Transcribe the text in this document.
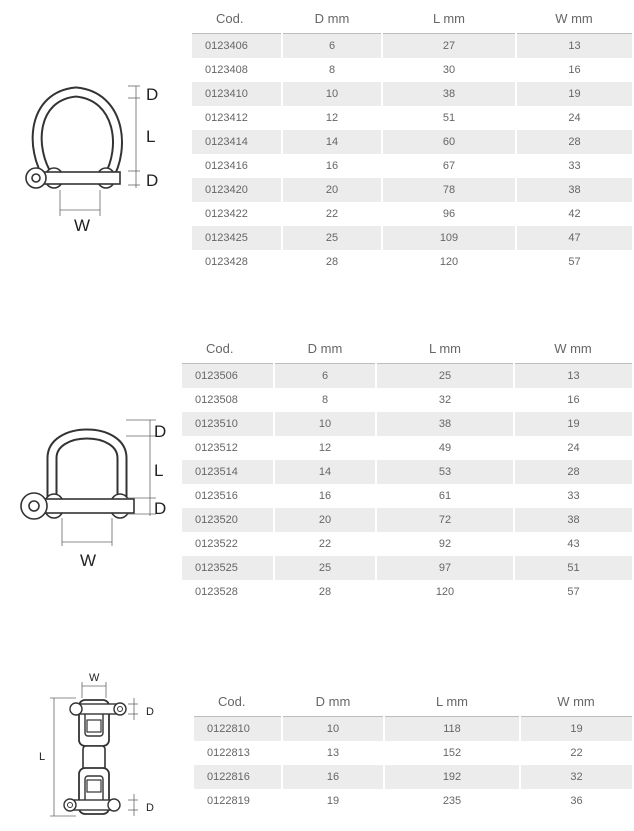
D
L
D
W
Cod.	D mm	L mm	W mm
0123406	6	27	13
0123408	8	30	16
0123410	10	38	19
0123412	12	51	24
0123414	14	60	28
0123416	16	67	33
0123420	20	78	38
0123422	22	96	42
0123425	25	109	47
0123428	28	120	57
D
L
D
W
Cod.	D mm	L mm	W mm
0123506	6	25	13
0123508	8	32	16
0123510	10	38	19
0123512	12	49	24
0123514	14	53	28
0123516	16	61	33
0123520	20	72	38
0123522	22	92	43
0123525	25	97	51
0123528	28	120	57
W
L
D
D
Cod.	D mm	L mm	W mm
0122810	10	118	19
0122813	13	152	22
0122816	16	192	32
0122819	19	235	36
